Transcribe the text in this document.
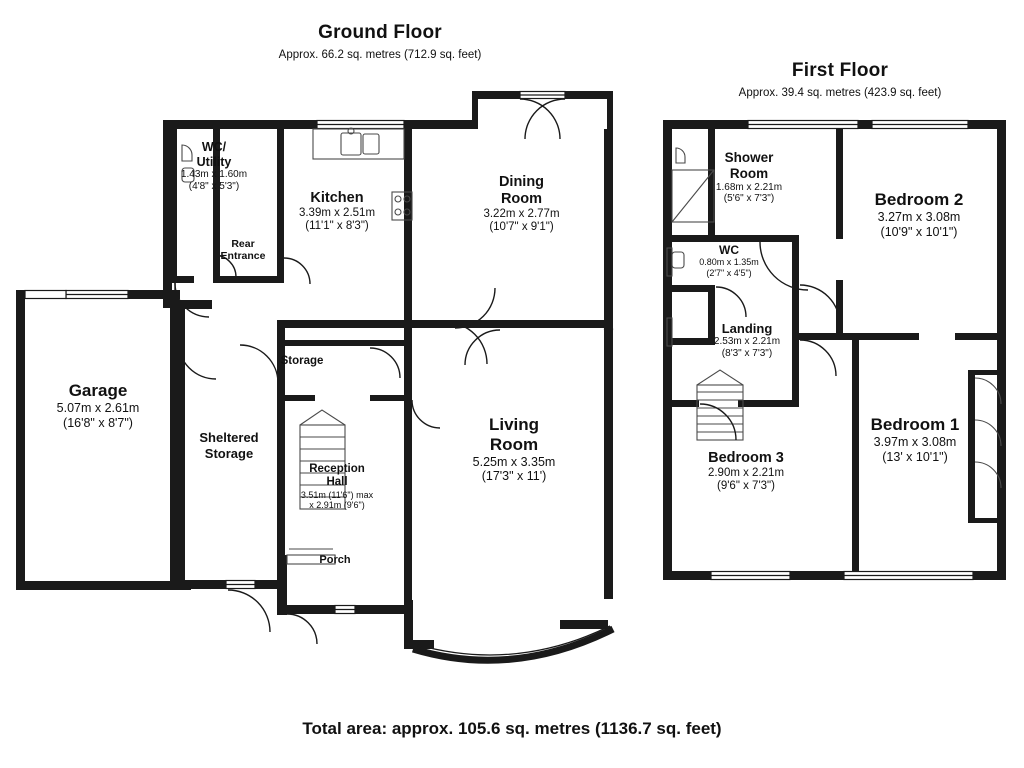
Ground Floor
Approx. 66.2 sq. metres (712.9 sq. feet)
First Floor
Approx. 39.4 sq. metres (423.9 sq. feet)
WC/
Utility
1.43m x 1.60m
(4'8" x 5'3")
Kitchen
3.39m x 2.51m
(11'1" x 8'3")
Dining
Room
3.22m x 2.77m
(10'7" x 9'1")
Garage
5.07m x 2.61m
(16'8" x 8'7")	Living
Room
5.25m x 3.35m
(17'3" x 11')
Reception
Hall
3.51m (11'6") max
x 2.91m (9'6")
Rear
Entrance
Storage
Sheltered
Storage
Porch
Shower
Room
1.68m x 2.21m
(5'6" x 7'3")
WC
0.80m x 1.35m
(2'7" x 4'5")
Landing
2.53m x 2.21m
(8'3" x 7'3")
Bedroom 2
3.27m x 3.08m
(10'9" x 10'1")
Bedroom 1
3.97m x 3.08m
(13' x 10'1")
Bedroom 3
2.90m x 2.21m
(9'6" x 7'3")
Total area: approx. 105.6 sq. metres (1136.7 sq. feet)
